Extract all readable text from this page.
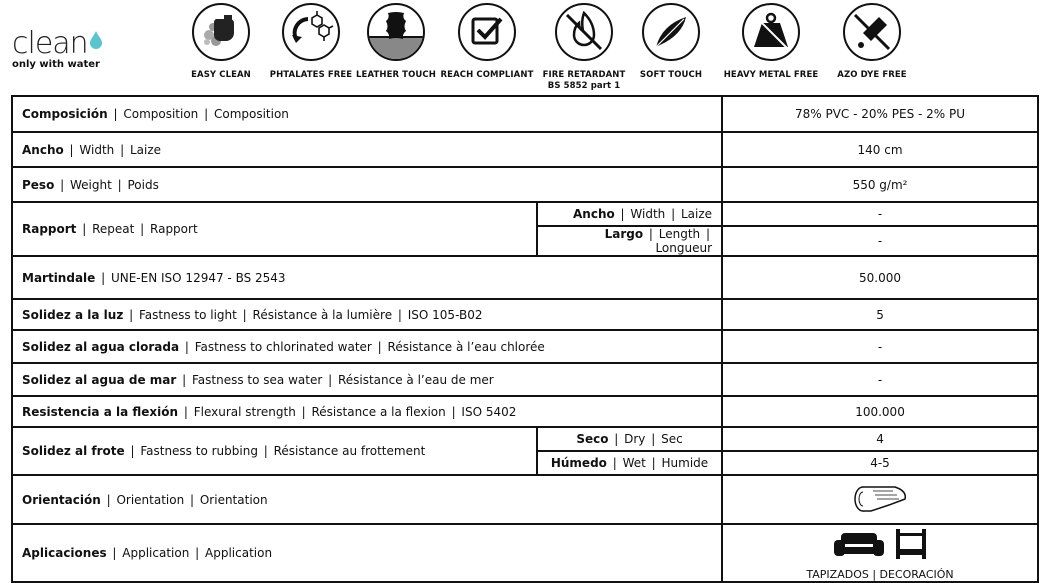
clean
only with water
EASY CLEAN	PHTALATES FREE LEATHER TOUCH REACH COMPLIANT	FIRE RETARDANT
BS 5852 part 1
SOFT TOUCH	HEAVY METAL FREE	AZO DYE FREE
Composición | Composition | Composition		78% PVC - 20% PES - 2% PU
Ancho | Width | Laize		140 cm
Peso | Weight | Poids		550 g/m²
Rapport | Repeat | Rapport	Ancho | Width | Laize	-
	Largo | Length | Longueur	-
Martindale | UNE-EN ISO 12947 - BS 2543		50.000
Solidez a la luz | Fastness to light | Résistance à la lumière | ISO 105-B02		5
Solidez al agua clorada | Fastness to chlorinated water | Résistance à l’eau chlorée		-
Solidez al agua de mar | Fastness to sea water | Résistance à l’eau de mer		-
Resistencia a la flexión | Flexural strength | Résistance a la flexion | ISO 5402		100.000
Solidez al frote | Fastness to rubbing | Résistance au frottement	Seco | Dry | Sec	4
	Húmedo | Wet | Humide	4-5
Orientación | Orientation | Orientation	
Aplicaciones | Application | Application		TAPIZADOS | DECORACIÓN
